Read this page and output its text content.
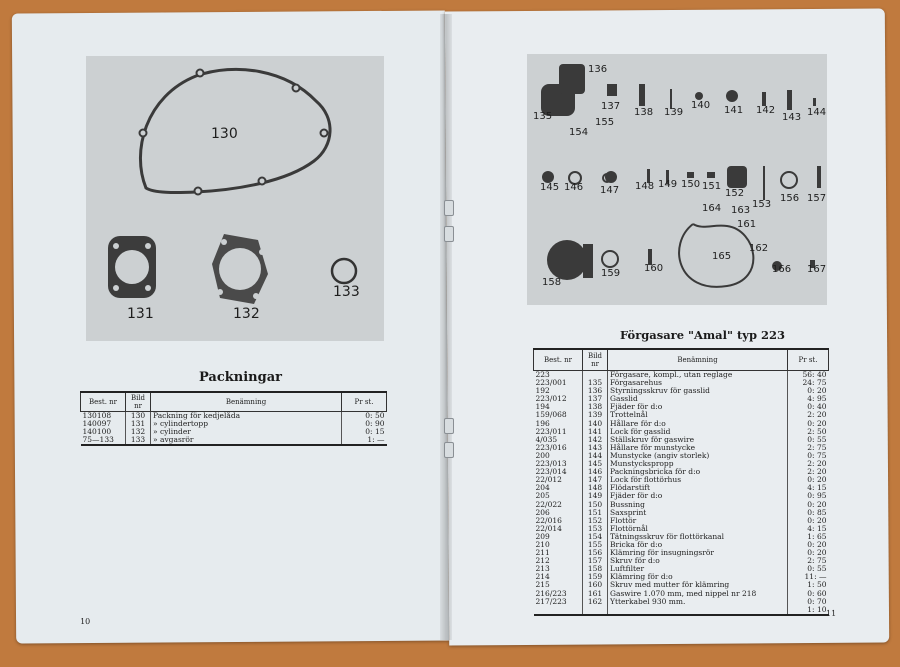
10
11
130
131	132
133
Packningar
Best. nr	Bild nr	Benämning	Pr st.
130108	130	Packning för kedjelåda	0: 50
140097	131	» cylindertopp	0: 90
140100	132	» cylinder	0: 15
75—133	133	» avgasrör	1: —
135
136
137
138 139
140 141 142
143 144
145 146 147 148 149 150 151
152
153
154
155
156 157
158
159 160
161
162
163
164
165
166 167
Förgasare "Amal" typ 223
Best. nr	Bild nr	Benämning	Pr st.
223		Förgasare, kompl., utan reglage	56: 40
223/001	135	Förgasarehus	24: 75
192	136	Styrningsskruv för gasslid	0: 20
223/012	137	Gasslid	4: 95
194	138	Fjäder för d:o	0: 40
159/068	139	Trottelnål	2: 20
196	140	Hållare för d:o	0: 20
223/011	141	Lock för gasslid	2: 50
4/035	142	Ställskruv för gaswire	0: 55
223/016	143	Hållare för munstycke	2: 75
200	144	Munstycke (angiv storlek)	0: 75
223/013	145	Munstyckspropp	2: 20
223/014	146	Packningsbricka för d:o	2: 20
22/012	147	Lock för flottörhus	0: 20
204	148	Flödarstift	4: 15
205	149	Fjäder för d:o	0: 95
22/022	150	Bussning	0: 20
206	151	Saxsprint	0: 85
22/016	152	Flottör	0: 20
22/014	153	Flottörnål	4: 15
209	154	Tätningsskruv för flottörkanal	1: 65
210	155	Bricka för d:o	0: 20
211	156	Klämring för insugningsrör	0: 20
212	157	Skruv för d:o	2: 75
213	158	Luftfilter	0: 55
214	159	Klämring för d:o	11: —
215	160	Skruv med mutter för klämring	1: 50
216/223	161	Gaswire 1.070 mm, med nippel nr 218	0: 60
217/223	162	Ytterkabel 930 mm.	0: 70
			1: 10
